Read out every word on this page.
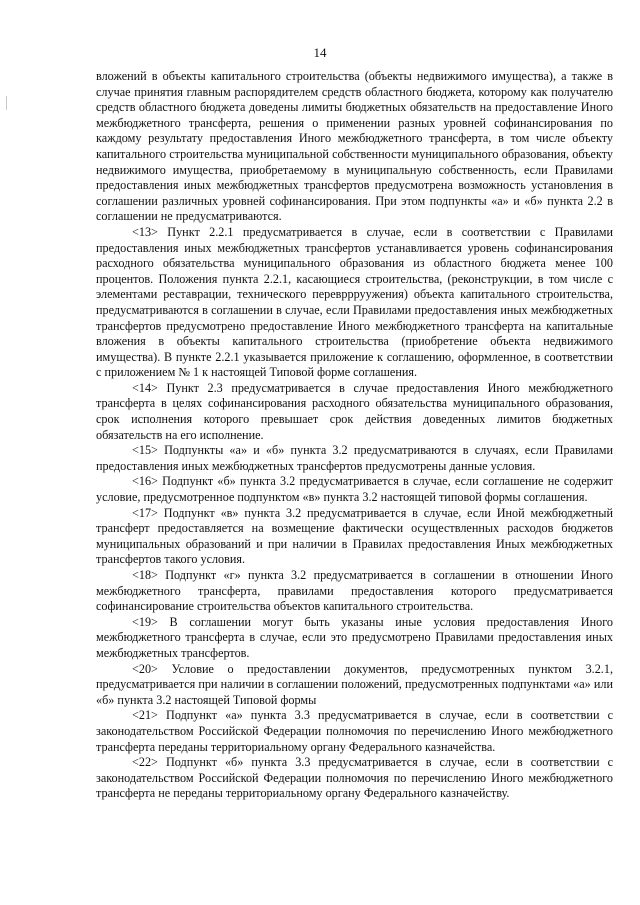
14

вложений в объекты капитального строительства (объекты недвижимого имущества), а также в случае принятия главным распорядителем средств областного бюджета, которому как получателю средств областного бюджета доведены лимиты бюджетных обязательств на предоставление Иного межбюджетного трансферта, решения о применении разных уровней софинансирования по каждому результату предоставления Иного межбюджетного трансферта, в том числе объекту капитального строительства муниципальной собственности муниципального образования, объекту недвижимого имущества, приобретаемому в муниципальную собственность, если Правилами предоставления иных межбюджетных трансфертов предусмотрена возможность установления в соглашении различных уровней софинансирования. При этом подпункты «а» и «б» пункта 2.2 в соглашении не предусматриваются.

<13> Пункт 2.2.1 предусматривается в случае, если в соответствии с Правилами предоставления иных межбюджетных трансфертов устанавливается уровень софинансирования расходного обязательства муниципального образования из областного бюджета менее 100 процентов. Положения пункта 2.2.1, касающиеся строительства, (реконструкции, в том числе с элементами реставрации, технического перевррруужения) объекта капитального строительства, предусматриваются в соглашении в случае, если Правилами предоставления иных межбюджетных трансфертов предусмотрено предоставление Иного межбюджетного трансферта на капитальные вложения в объекты капитального строительства (приобретение объекта недвижимого имущества). В пункте 2.2.1 указывается приложение к соглашению, оформленное, в соответствии с приложением № 1 к настоящей Типовой форме соглашения.

<14> Пункт 2.3 предусматривается в случае предоставления Иного межбюджетного трансферта в целях софинансирования расходного обязательства муниципального образования, срок исполнения которого превышает срок действия доведенных лимитов бюджетных обязательств на его исполнение.

<15> Подпункты «а» и «б» пункта 3.2 предусматриваются в случаях, если Правилами предоставления иных межбюджетных трансфертов предусмотрены данные условия.

<16> Подпункт «б» пункта 3.2 предусматривается в случае, если соглашение не содержит условие, предусмотренное подпунктом «в» пункта 3.2 настоящей типовой формы соглашения.

<17> Подпункт «в» пункта 3.2 предусматривается в случае, если Иной межбюджетный трансферт предоставляется на возмещение фактически осуществленных расходов бюджетов муниципальных образований и при наличии в Правилах предоставления Иных межбюджетных трансфертов такого условия.

<18> Подпункт «г» пункта 3.2 предусматривается в соглашении в отношении Иного межбюджетного трансферта, правилами предоставления которого предусматривается софинансирование строительства объектов капитального строительства.

<19> В соглашении могут быть указаны иные условия предоставления Иного межбюджетного трансферта в случае, если это предусмотрено Правилами предоставления иных межбюджетных трансфертов.

<20> Условие о предоставлении документов, предусмотренных пунктом 3.2.1, предусматривается при наличии в соглашении положений, предусмотренных подпунктами «а» или «б» пункта 3.2 настоящей Типовой формы

<21> Подпункт «а» пункта 3.3 предусматривается в случае, если в соответствии с законодательством Российской Федерации полномочия по перечислению Иного межбюджетного трансферта переданы территориальному органу Федерального казначейства.

<22> Подпункт «б» пункта 3.3 предусматривается в случае, если в соответствии с законодательством Российской Федерации полномочия по перечислению Иного межбюджетного трансферта не переданы территориальному органу Федерального казначейству.
